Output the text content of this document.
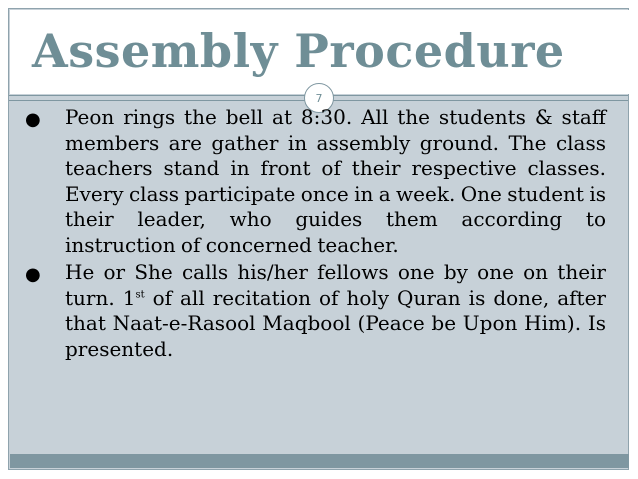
Assembly Procedure
7
● Peon rings the bell at 8:30. All the students & staff members are gather in assembly ground. The class teachers stand in front of their respective classes. Every class participate once in a week. One student is their leader, who guides them according to instruction of concerned teacher.

● He or She calls his/her fellows one by one on their turn. 1st of all recitation of holy Quran is done, after that Naat-e-Rasool Maqbool (Peace be Upon Him). Is presented.
